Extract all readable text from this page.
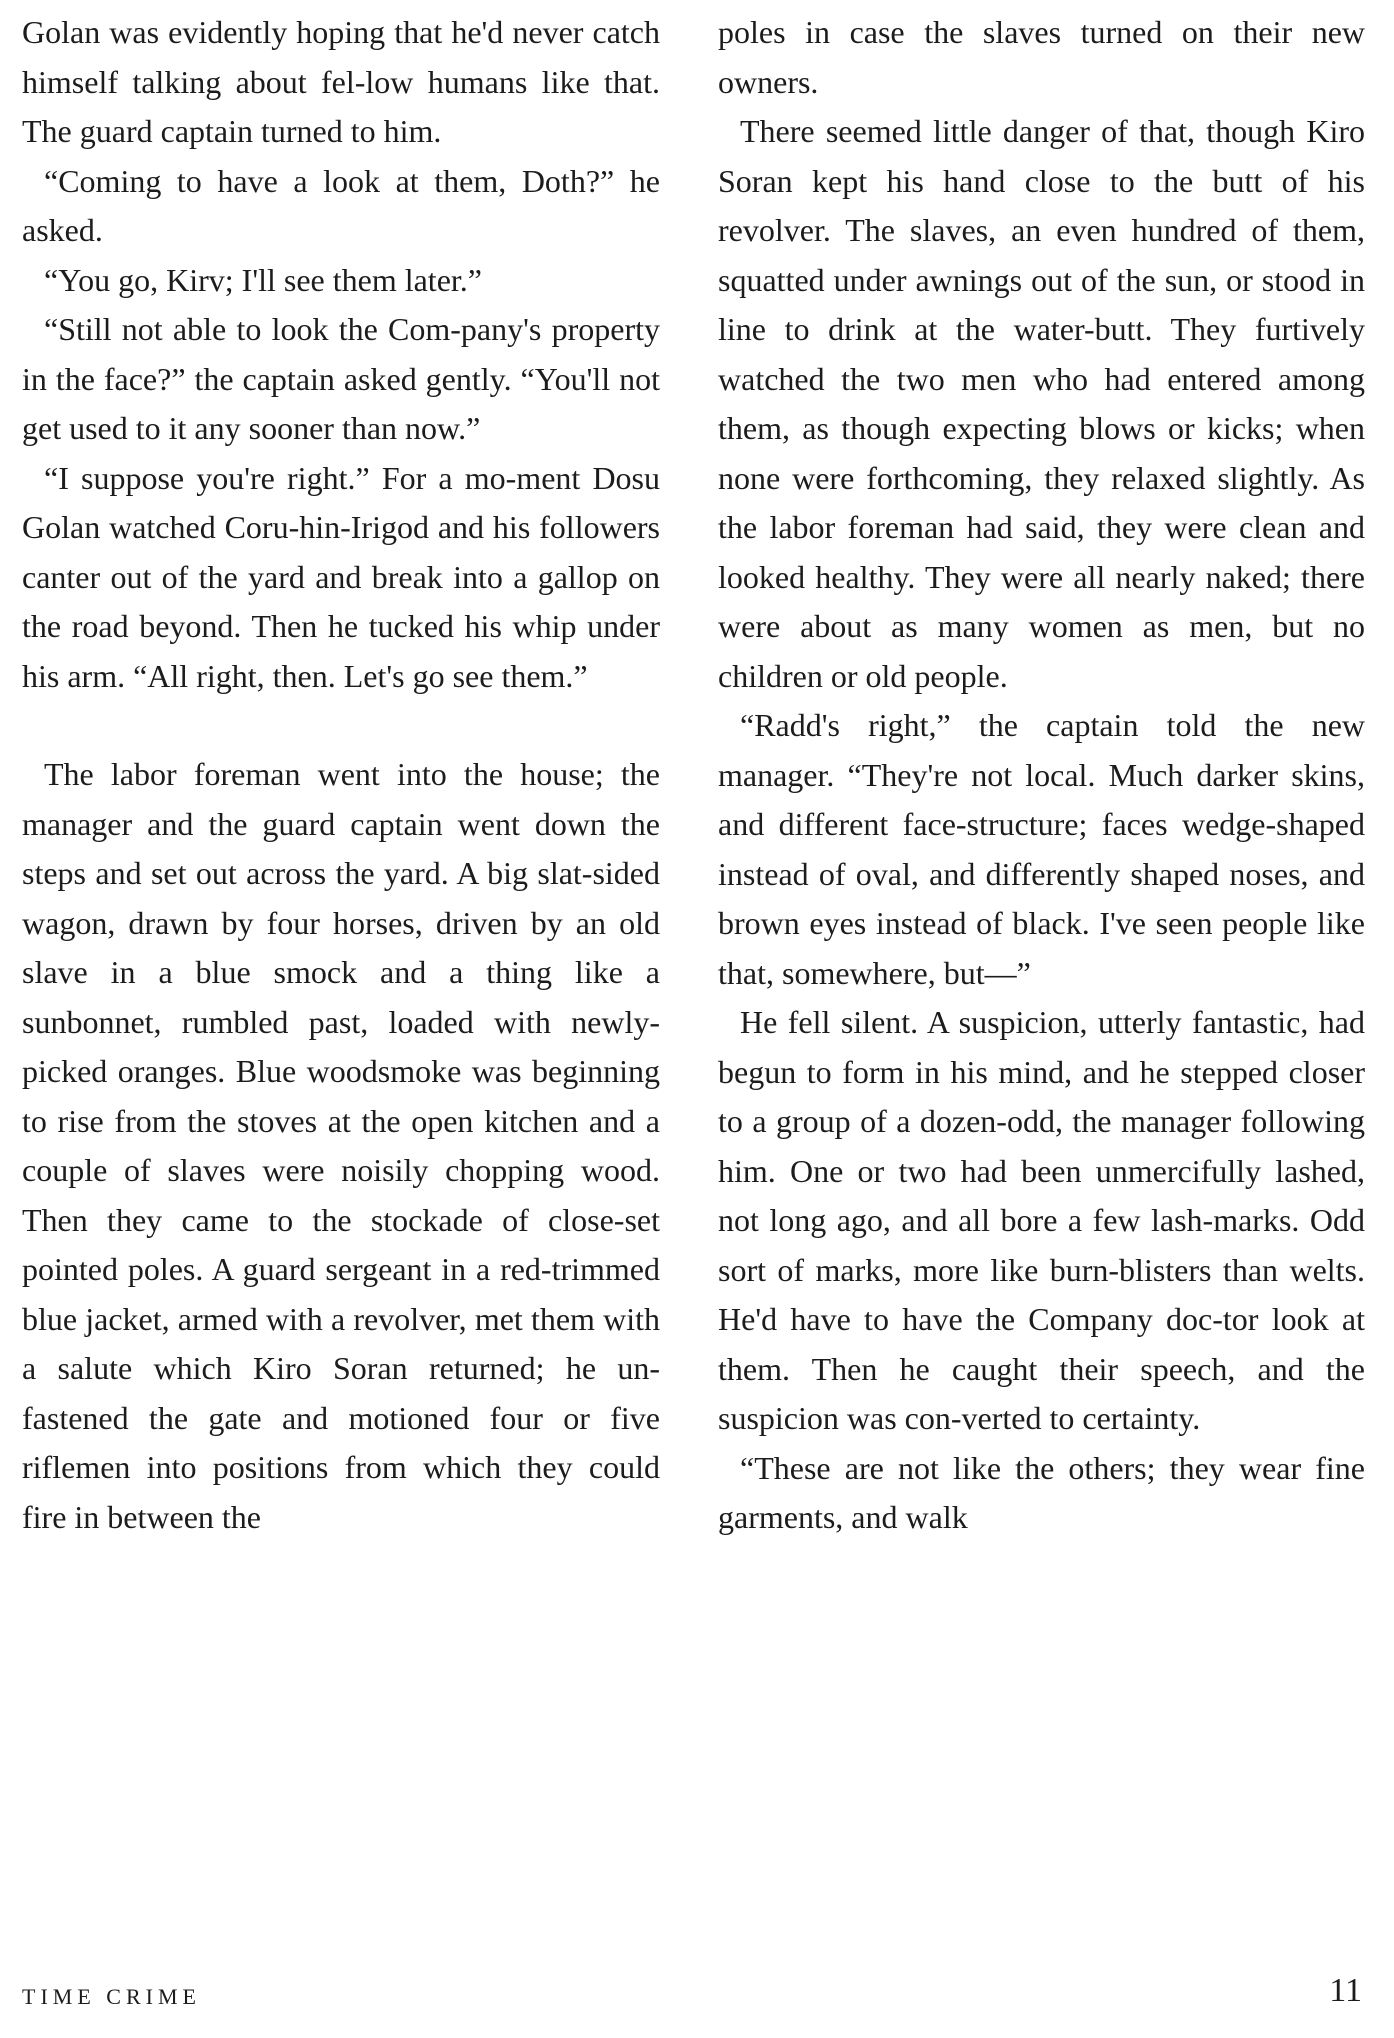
Golan was evidently hoping that he'd never catch himself talking about fel-low humans like that. The guard captain turned to him.

“Coming to have a look at them, Doth?” he asked.

“You go, Kirv; I'll see them later.”

“Still not able to look the Com-pany's property in the face?” the captain asked gently. “You'll not get used to it any sooner than now.”

“I suppose you're right.” For a mo-ment Dosu Golan watched Coru-hin-Irigod and his followers canter out of the yard and break into a gallop on the road beyond. Then he tucked his whip under his arm. “All right, then. Let's go see them.”

The labor foreman went into the house; the manager and the guard captain went down the steps and set out across the yard. A big slat-sided wagon, drawn by four horses, driven by an old slave in a blue smock and a thing like a sunbonnet, rumbled past, loaded with newly-picked oranges. Blue woodsmoke was beginning to rise from the stoves at the open kitchen and a couple of slaves were noisily chopping wood. Then they came to the stockade of close-set pointed poles. A guard sergeant in a red-trimmed blue jacket, armed with a revolver, met them with a salute which Kiro Soran returned; he un-fastened the gate and motioned four or five riflemen into positions from which they could fire in between the

poles in case the slaves turned on their new owners.

There seemed little danger of that, though Kiro Soran kept his hand close to the butt of his revolver. The slaves, an even hundred of them, squatted under awnings out of the sun, or stood in line to drink at the water-butt. They furtively watched the two men who had entered among them, as though expecting blows or kicks; when none were forthcoming, they relaxed slightly. As the labor foreman had said, they were clean and looked healthy. They were all nearly naked; there were about as many women as men, but no children or old people.

“Radd's right,” the captain told the new manager. “They're not local. Much darker skins, and different face-structure; faces wedge-shaped instead of oval, and differently shaped noses, and brown eyes instead of black. I've seen people like that, somewhere, but—”

He fell silent. A suspicion, utterly fantastic, had begun to form in his mind, and he stepped closer to a group of a dozen-odd, the manager following him. One or two had been unmercifully lashed, not long ago, and all bore a few lash-marks. Odd sort of marks, more like burn-blisters than welts. He'd have to have the Company doc-tor look at them. Then he caught their speech, and the suspicion was con-verted to certainty.

“These are not like the others; they wear fine garments, and walk

TIME CRIME	11
